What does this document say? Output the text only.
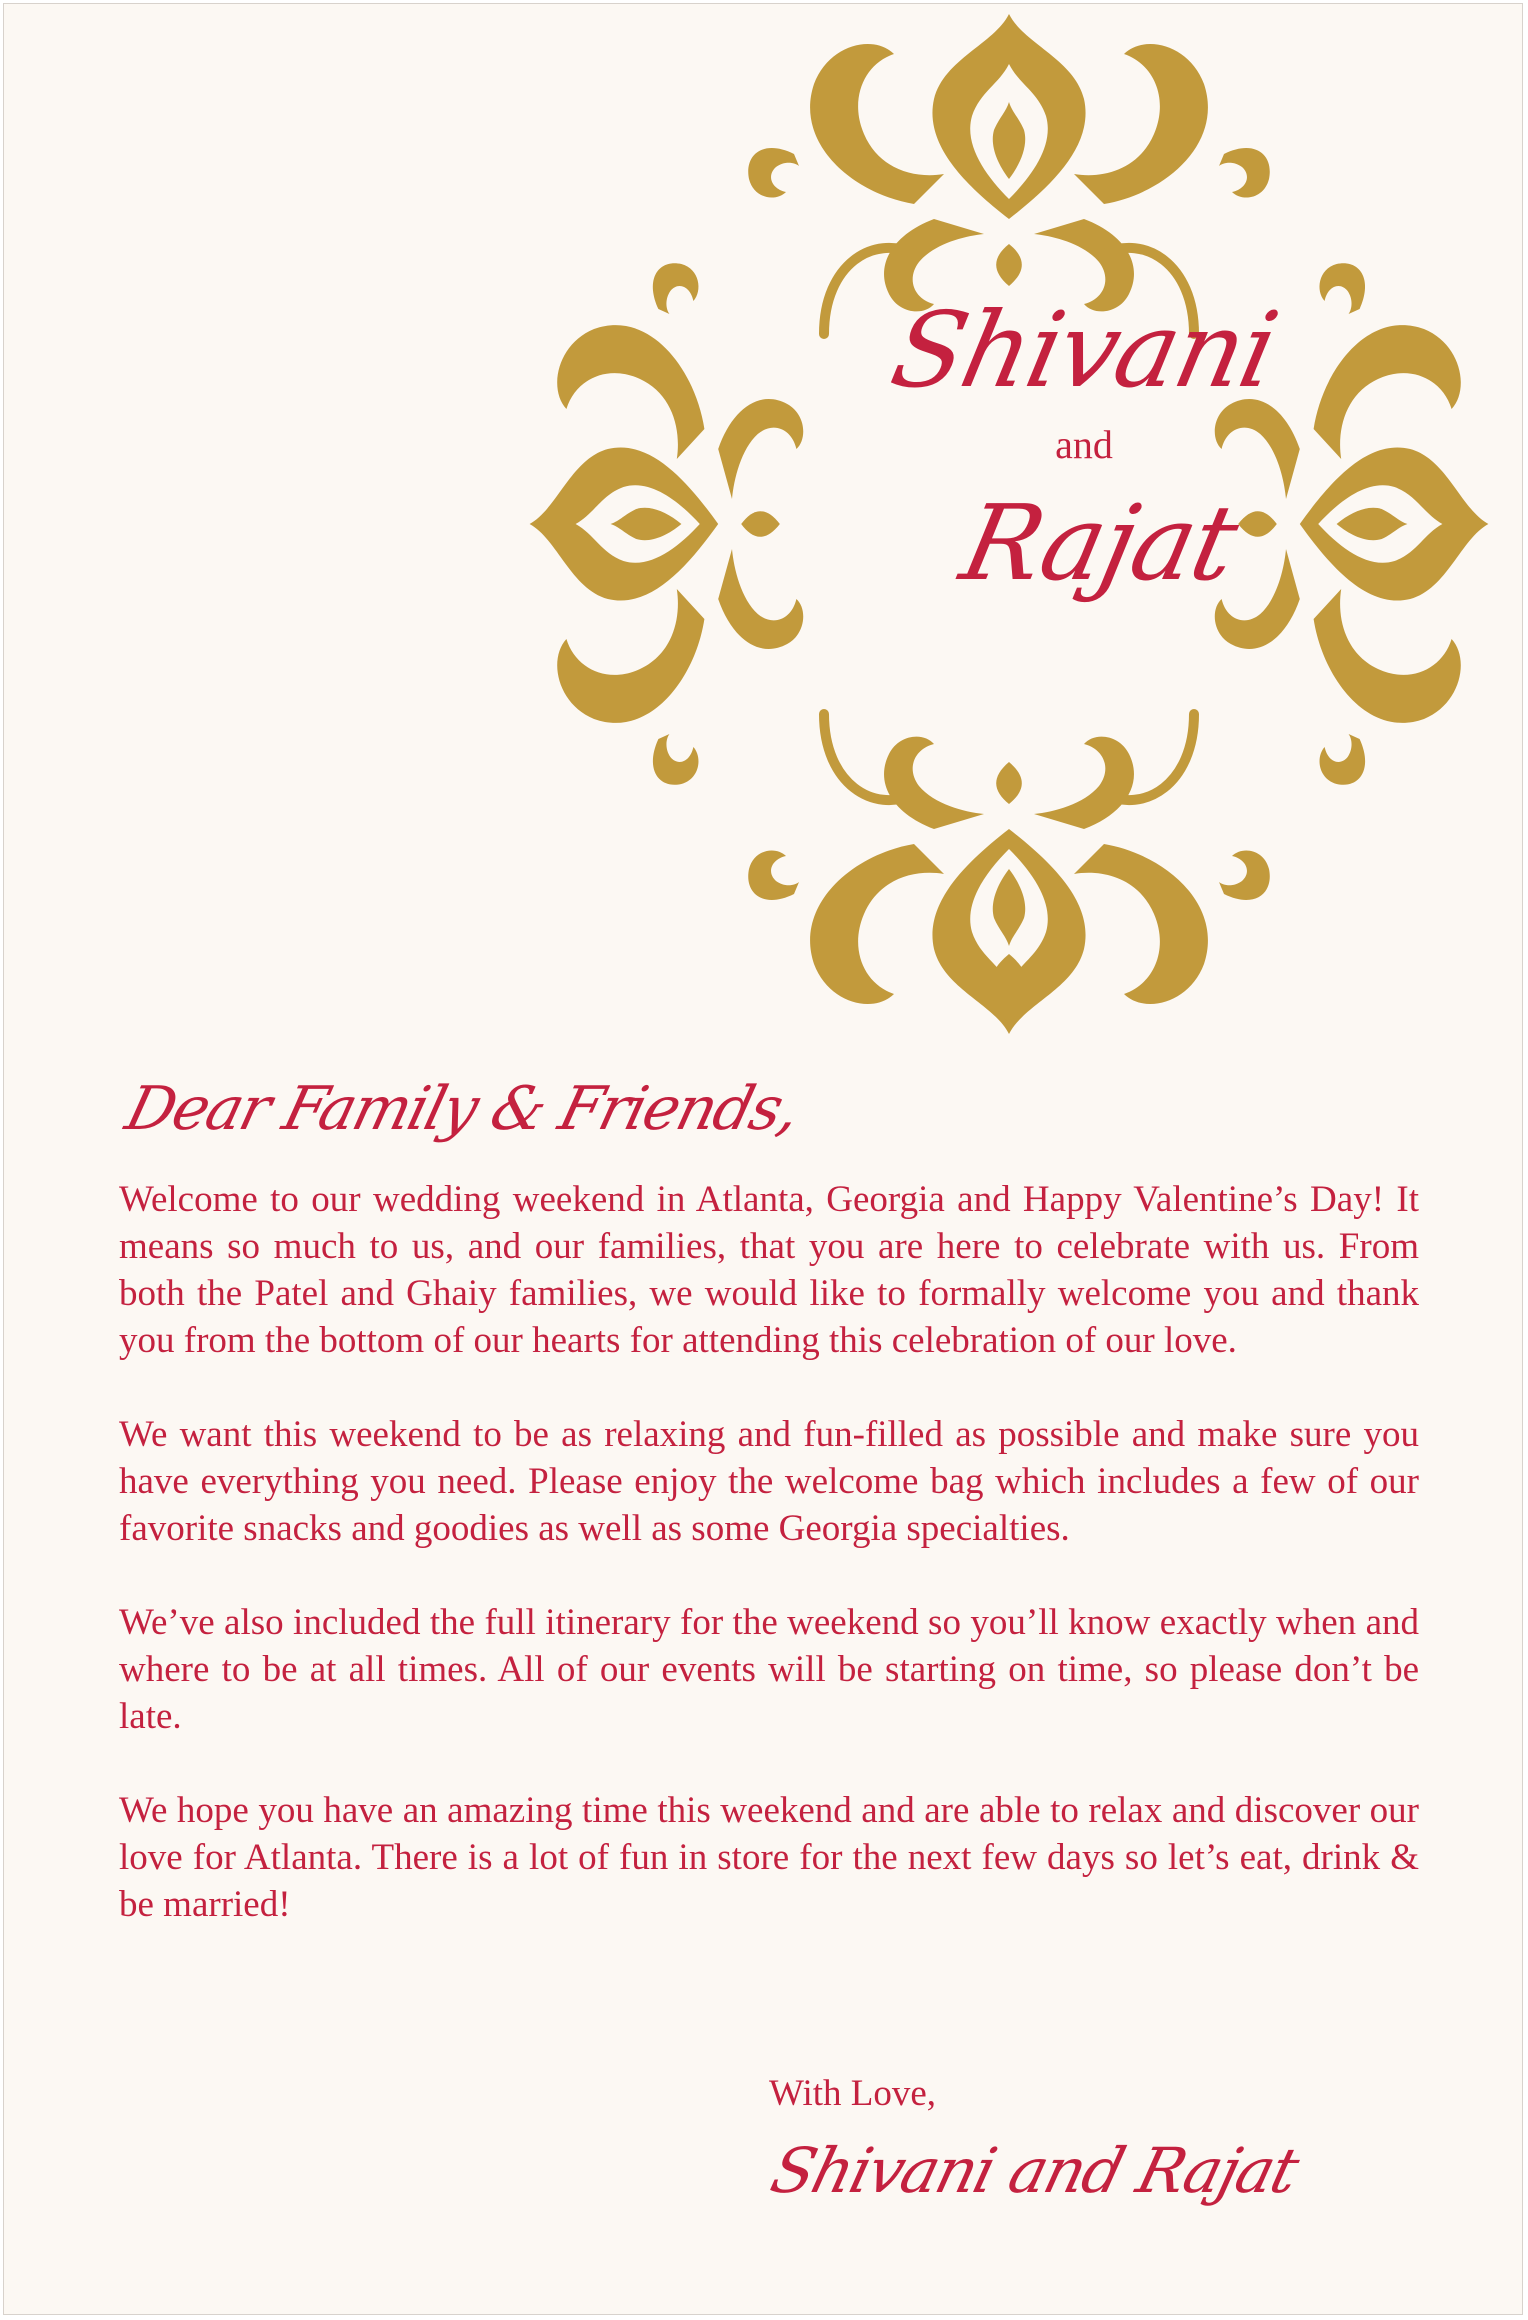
Shivani
and
Rajat
Dear Family & Friends,

Welcome to our wedding weekend in Atlanta, Georgia and Happy Valentine’s Day! It means so much to us, and our families, that you are here to celebrate with us. From both the Patel and Ghaiy families, we would like to formally welcome you and thank you from the bottom of our hearts for attending this celebration of our love.

We want this weekend to be as relaxing and fun-filled as possible and make sure you have everything you need. Please enjoy the welcome bag which includes a few of our favorite snacks and goodies as well as some Georgia specialties.

We’ve also included the full itinerary for the weekend so you’ll know exactly when and where to be at all times. All of our events will be starting on time, so please don’t be late.

We hope you have an amazing time this weekend and are able to relax and discover our love for Atlanta. There is a lot of fun in store for the next few days so let’s eat, drink & be married!

With Love,
Shivani and Rajat
